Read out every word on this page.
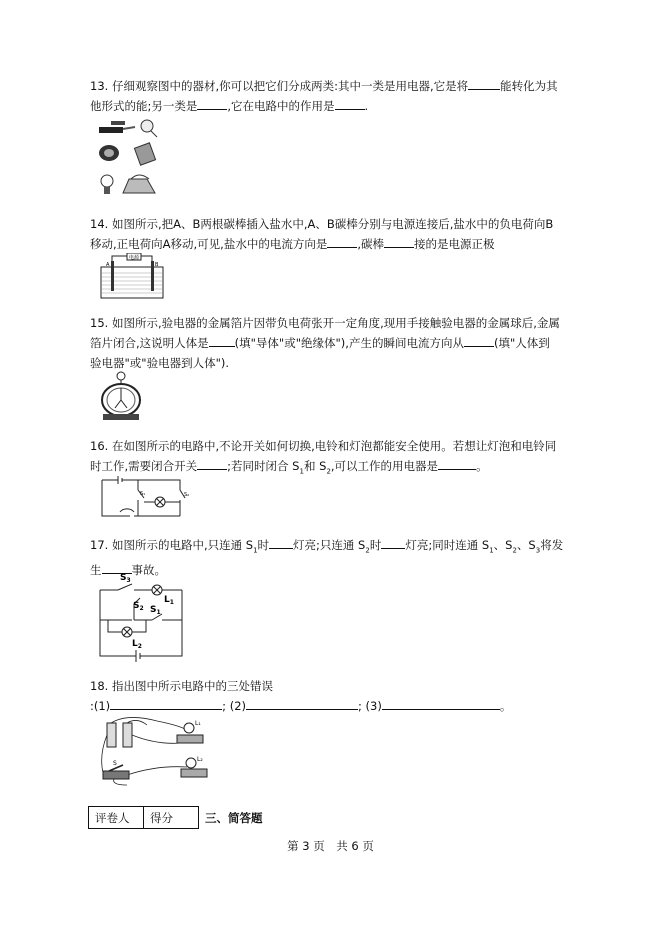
13. 仔细观察图中的器材,你可以把它们分成两类:其中一类是用电器,它是将	能转化为其
他形式的能;另一类是	,它在电路中的作用是	.
14. 如图所示,把A、B两根碳棒插入盐水中,A、B碳棒分别与电源连接后,盐水中的负电荷向B
移动,正电荷向A移动,可见,盐水中的电流方向是	,碳棒	接的是电源正极
电源
A	B
15. 如图所示,验电器的金属箔片因带负电荷张开一定角度,现用手接触验电器的金属球后,金属
箔片闭合,这说明人体是 (填"导体"或"绝缘体"),产生的瞬间电流方向从	(填"人体到
验电器"或"验电器到人体").
16. 在如图所示的电路中,不论开关如何切换,电铃和灯泡都能安全使用。若想让灯泡和电铃同
时工作,需要闭合开关	;若同时闭合 $S_1$和 $S_2$,可以工作的用电器是	。
S₁	S₂
17. 如图所示的电路中,只连通 $S_1$时 灯亮;只连通 $S_2$时 灯亮;同时连通 $S_1$、$S_2$、$S_3$将发
生	事故。
$S_3$
$S_2$ $S_1$
$L_1$
$L_2$
18. 指出图中所示电路中的三处错误
:(1)	; (2)	; (3)	。
L₁
L₂
S
评卷人	得分	三、简答题
第 3 页　共 6 页
